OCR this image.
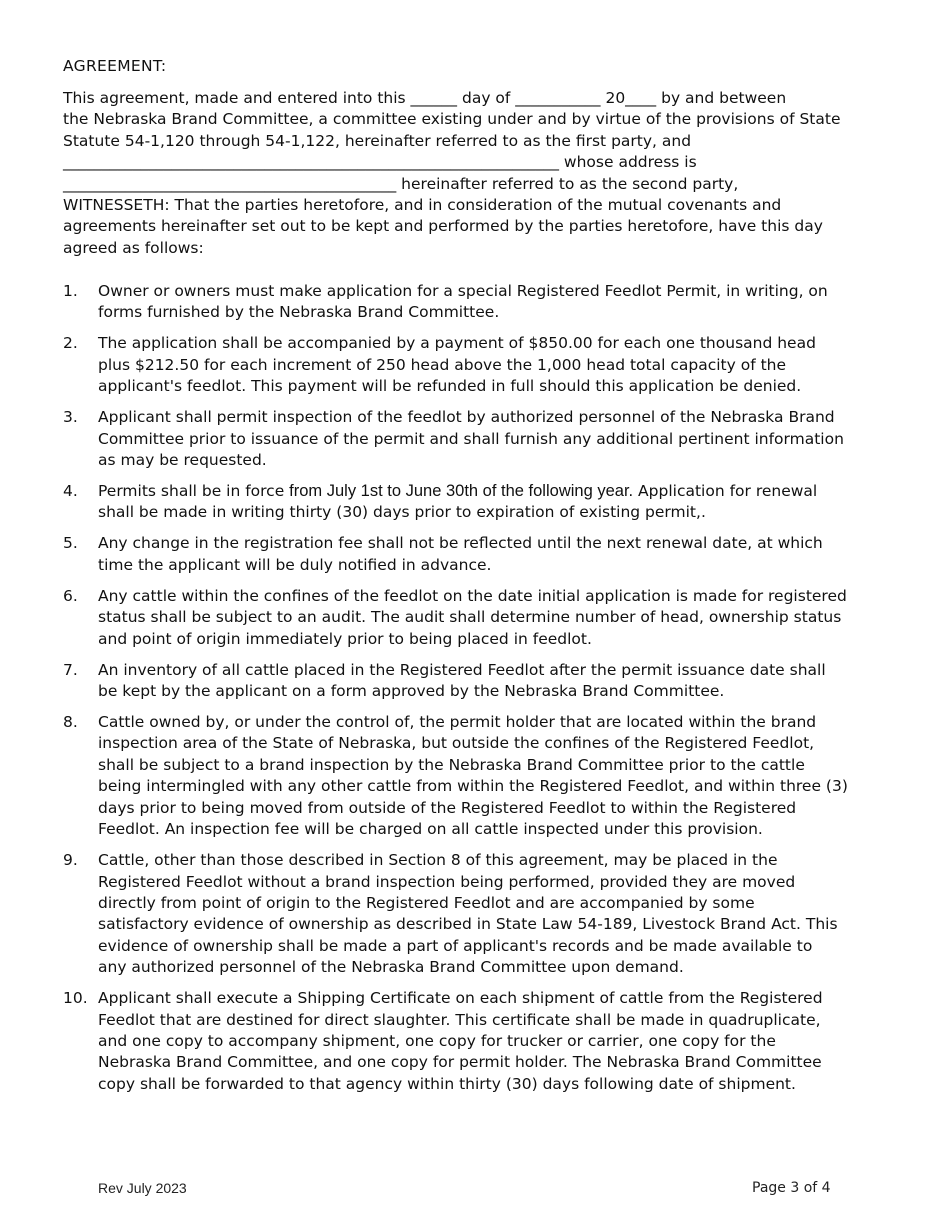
AGREEMENT:

This agreement, made and entered into this ______ day of ___________ 20____ by and between

the Nebraska Brand Committee, a committee existing under and by virtue of the provisions of State

Statute 54-1,120 through 54-1,122, hereinafter referred to as the first party, and

________________________________________________________________ whose address is

___________________________________________ hereinafter referred to as the second party,

WITNESSETH: That the parties heretofore, and in consideration of the mutual covenants and

agreements hereinafter set out to be kept and performed by the parties heretofore, have this day

agreed as follows:

1. Owner or owners must make application for a special Registered Feedlot Permit, in writing, on
forms furnished by the Nebraska Brand Committee.
2. The application shall be accompanied by a payment of $850.00 for each one thousand head
plus $212.50 for each increment of 250 head above the 1,000 head total capacity of the
applicant's feedlot. This payment will be refunded in full should this application be denied.
3. Applicant shall permit inspection of the feedlot by authorized personnel of the Nebraska Brand
Committee prior to issuance of the permit and shall furnish any additional pertinent information
as may be requested.
4. Permits shall be in force from July 1st to June 30th of the following year. Application for renewal
shall be made in writing thirty (30) days prior to expiration of existing permit,.
5. Any change in the registration fee shall not be reflected until the next renewal date, at which
time the applicant will be duly notified in advance.
6. Any cattle within the confines of the feedlot on the date initial application is made for registered
status shall be subject to an audit. The audit shall determine number of head, ownership status
and point of origin immediately prior to being placed in feedlot.
7. An inventory of all cattle placed in the Registered Feedlot after the permit issuance date shall
be kept by the applicant on a form approved by the Nebraska Brand Committee.
8. Cattle owned by, or under the control of, the permit holder that are located within the brand
inspection area of the State of Nebraska, but outside the confines of the Registered Feedlot,
shall be subject to a brand inspection by the Nebraska Brand Committee prior to the cattle
being intermingled with any other cattle from within the Registered Feedlot, and within three (3)
days prior to being moved from outside of the Registered Feedlot to within the Registered
Feedlot. An inspection fee will be charged on all cattle inspected under this provision.
9. Cattle, other than those described in Section 8 of this agreement, may be placed in the
Registered Feedlot without a brand inspection being performed, provided they are moved
directly from point of origin to the Registered Feedlot and are accompanied by some
satisfactory evidence of ownership as described in State Law 54-189, Livestock Brand Act. This
evidence of ownership shall be made a part of applicant's records and be made available to
any authorized personnel of the Nebraska Brand Committee upon demand.
10. Applicant shall execute a Shipping Certificate on each shipment of cattle from the Registered
Feedlot that are destined for direct slaughter. This certificate shall be made in quadruplicate,
and one copy to accompany shipment, one copy for trucker or carrier, one copy for the
Nebraska Brand Committee, and one copy for permit holder. The Nebraska Brand Committee
copy shall be forwarded to that agency within thirty (30) days following date of shipment.
Rev July 2023	Page 3 of 4
